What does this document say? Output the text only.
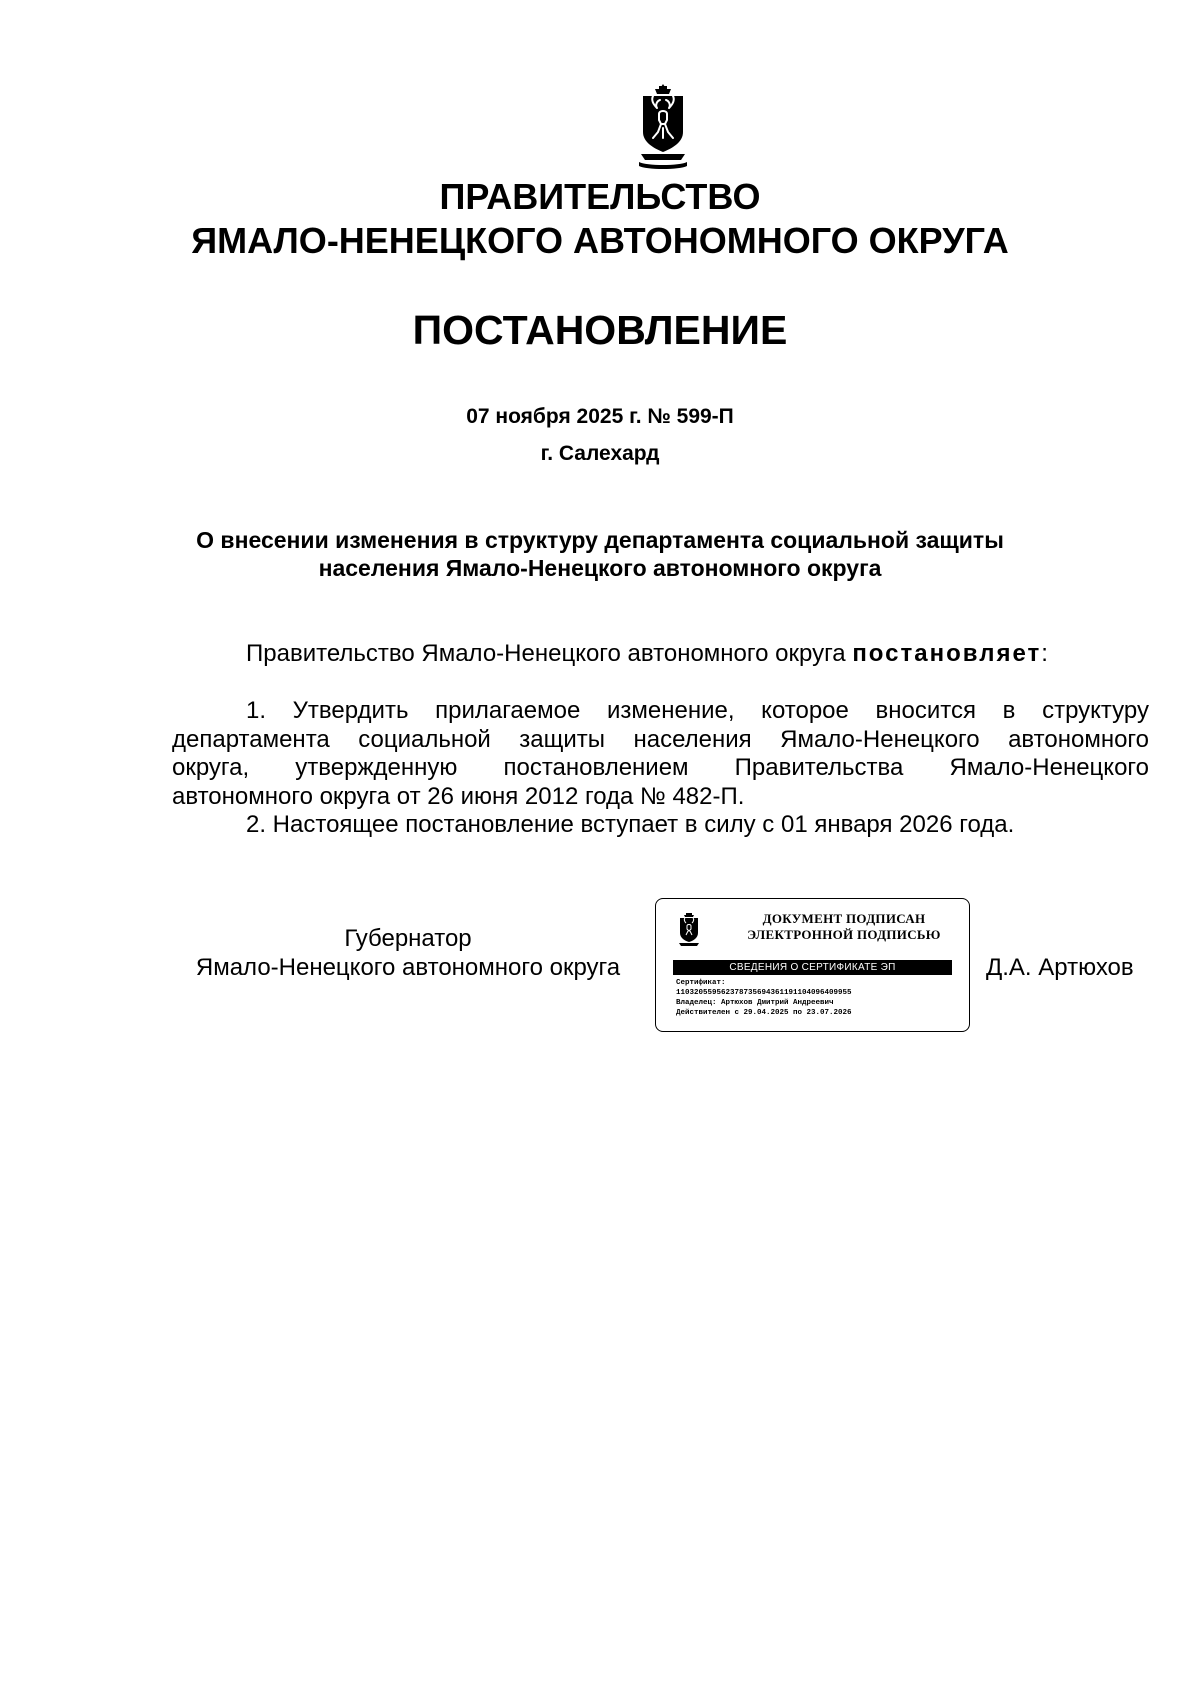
ПРАВИТЕЛЬСТВО
ЯМАЛО-НЕНЕЦКОГО АВТОНОМНОГО ОКРУГА
ПОСТАНОВЛЕНИЕ
07 ноября 2025 г. № 599-П
г. Салехард
О внесении изменения в структуру департамента социальной защиты
населения Ямало-Ненецкого автономного округа
Правительство Ямало-Ненецкого автономного округа постановляет:
1. Утвердить прилагаемое изменение, которое вносится в структуру
департамента социальной защиты населения Ямало-Ненецкого автономного
округа, утвержденную постановлением Правительства Ямало-Ненецкого
автономного округа от 26 июня 2012 года № 482-П.
2. Настоящее постановление вступает в силу с 01 января 2026 года.
Губернатор
Ямало-Ненецкого автономного округа	Д.А. Артюхов
ДОКУМЕНТ ПОДПИСАН
ЭЛЕКТРОННОЙ ПОДПИСЬЮ
СВЕДЕНИЯ О СЕРТИФИКАТЕ ЭП
Сертификат:
110320559562378735694361191104096409955
Владелец: Артюхов Дмитрий Андреевич
Действителен с 29.04.2025 по 23.07.2026
